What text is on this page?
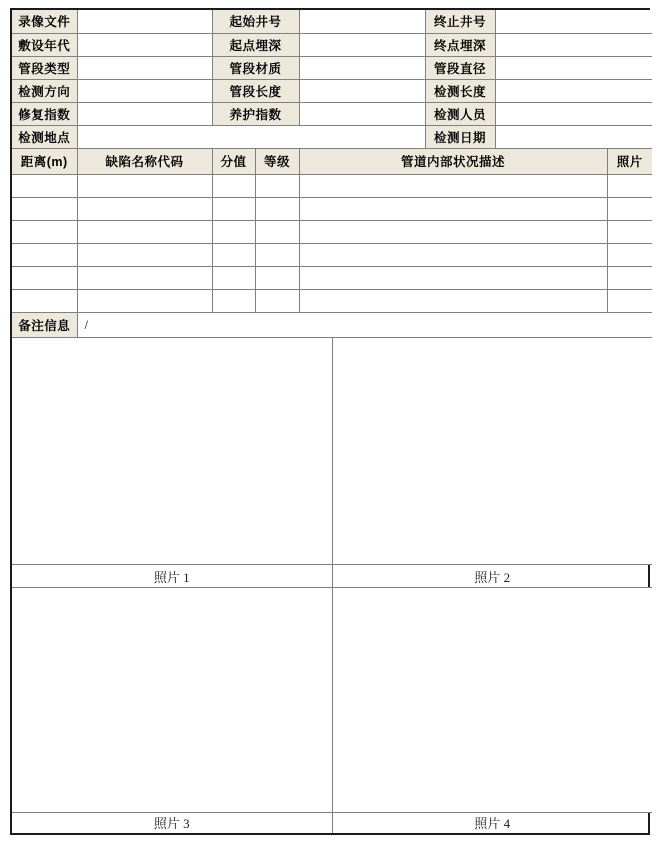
录像文件		起始井号		终止井号	
敷设年代		起点埋深		终点埋深	
管段类型		管段材质		管段直径	
检测方向		管段长度		检测长度	
修复指数		养护指数		检测人员	
检测地点				检测日期	
距离(m)	缺陷名称代码	分值	等级	管道内部状况描述	照片

备注信息	/

照片 1	照片 2

照片 3	照片 4
